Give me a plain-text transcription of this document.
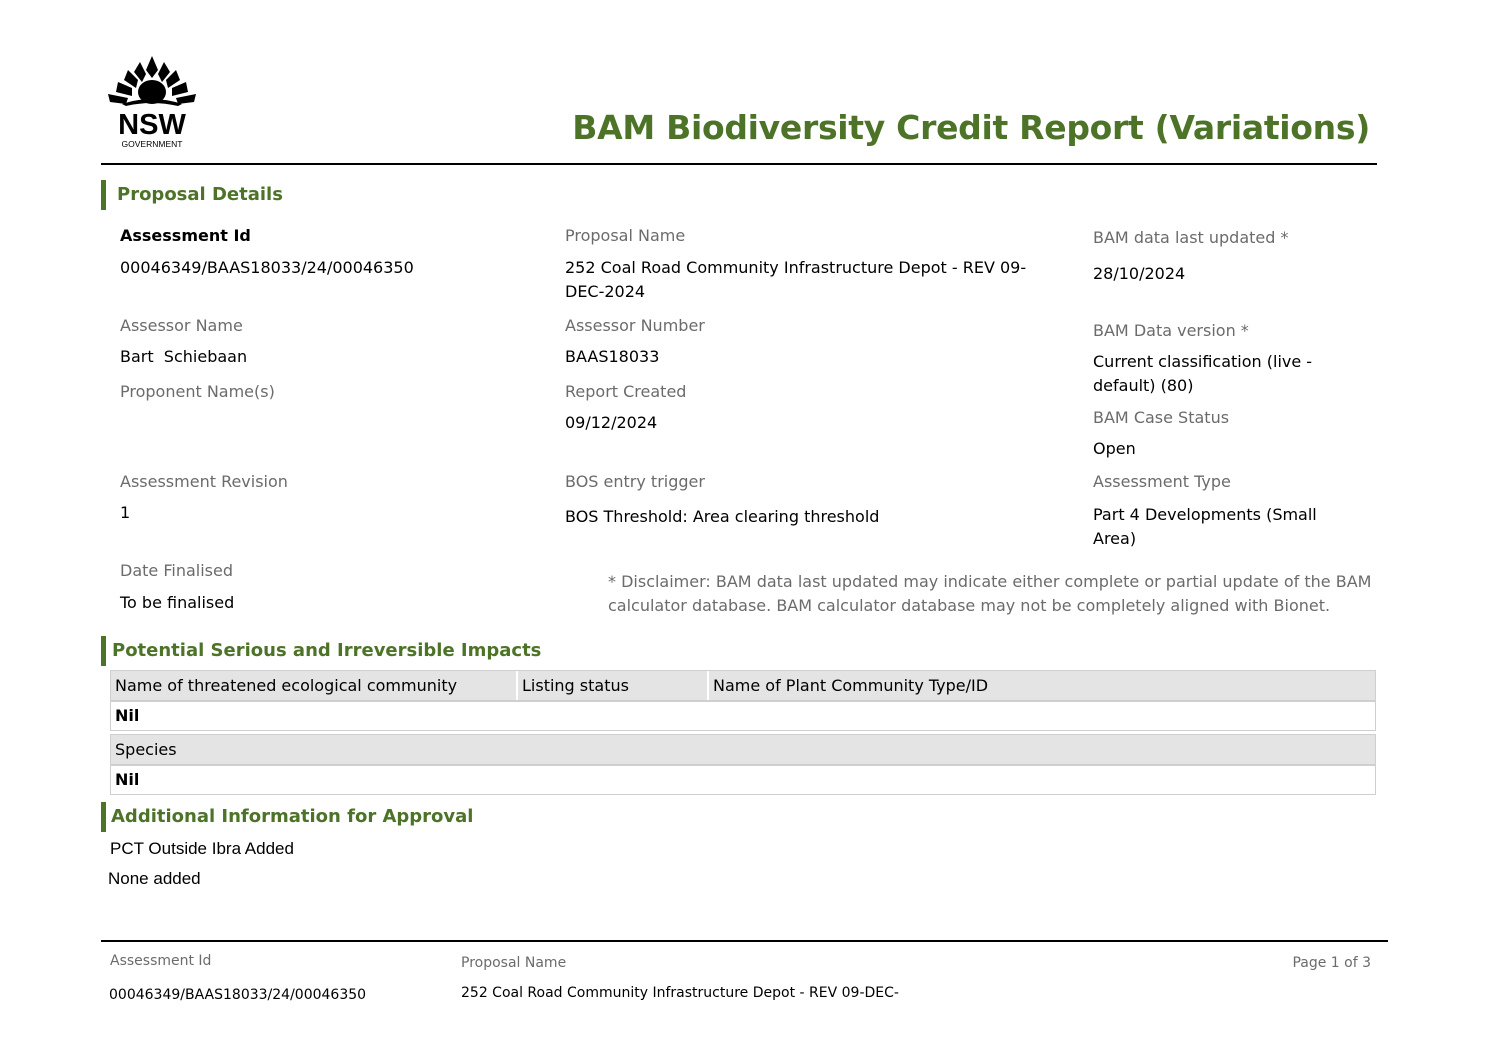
NSW
GOVERNMENT	BAM Biodiversity Credit Report (Variations)
Proposal Details
Assessment Id
00046349/BAAS18033/24/00046350
Assessor Name
Bart  Schiebaan
Proponent Name(s)
Assessment Revision
1
Date Finalised
To be finalised
Proposal Name
252 Coal Road Community Infrastructure Depot - REV 09-DEC-2024
Assessor Number
BAAS18033
Report Created
09/12/2024
BOS entry trigger
BOS Threshold: Area clearing threshold
BAM data last updated *
28/10/2024
BAM Data version *
Current classification (live - default) (80)
BAM Case Status
Open
Assessment Type
Part 4 Developments (Small Area)
* Disclaimer: BAM data last updated may indicate either complete or partial update of the BAM calculator database. BAM calculator database may not be completely aligned with Bionet.
Potential Serious and Irreversible Impacts
Name of threatened ecological community	Listing status	Name of Plant Community Type/ID
Nil
Species
Nil
Additional Information for Approval
PCT Outside Ibra Added
None added
Assessment Id
00046349/BAAS18033/24/00046350
Proposal Name
252 Coal Road Community Infrastructure Depot - REV 09-DEC-
Page 1 of 3
